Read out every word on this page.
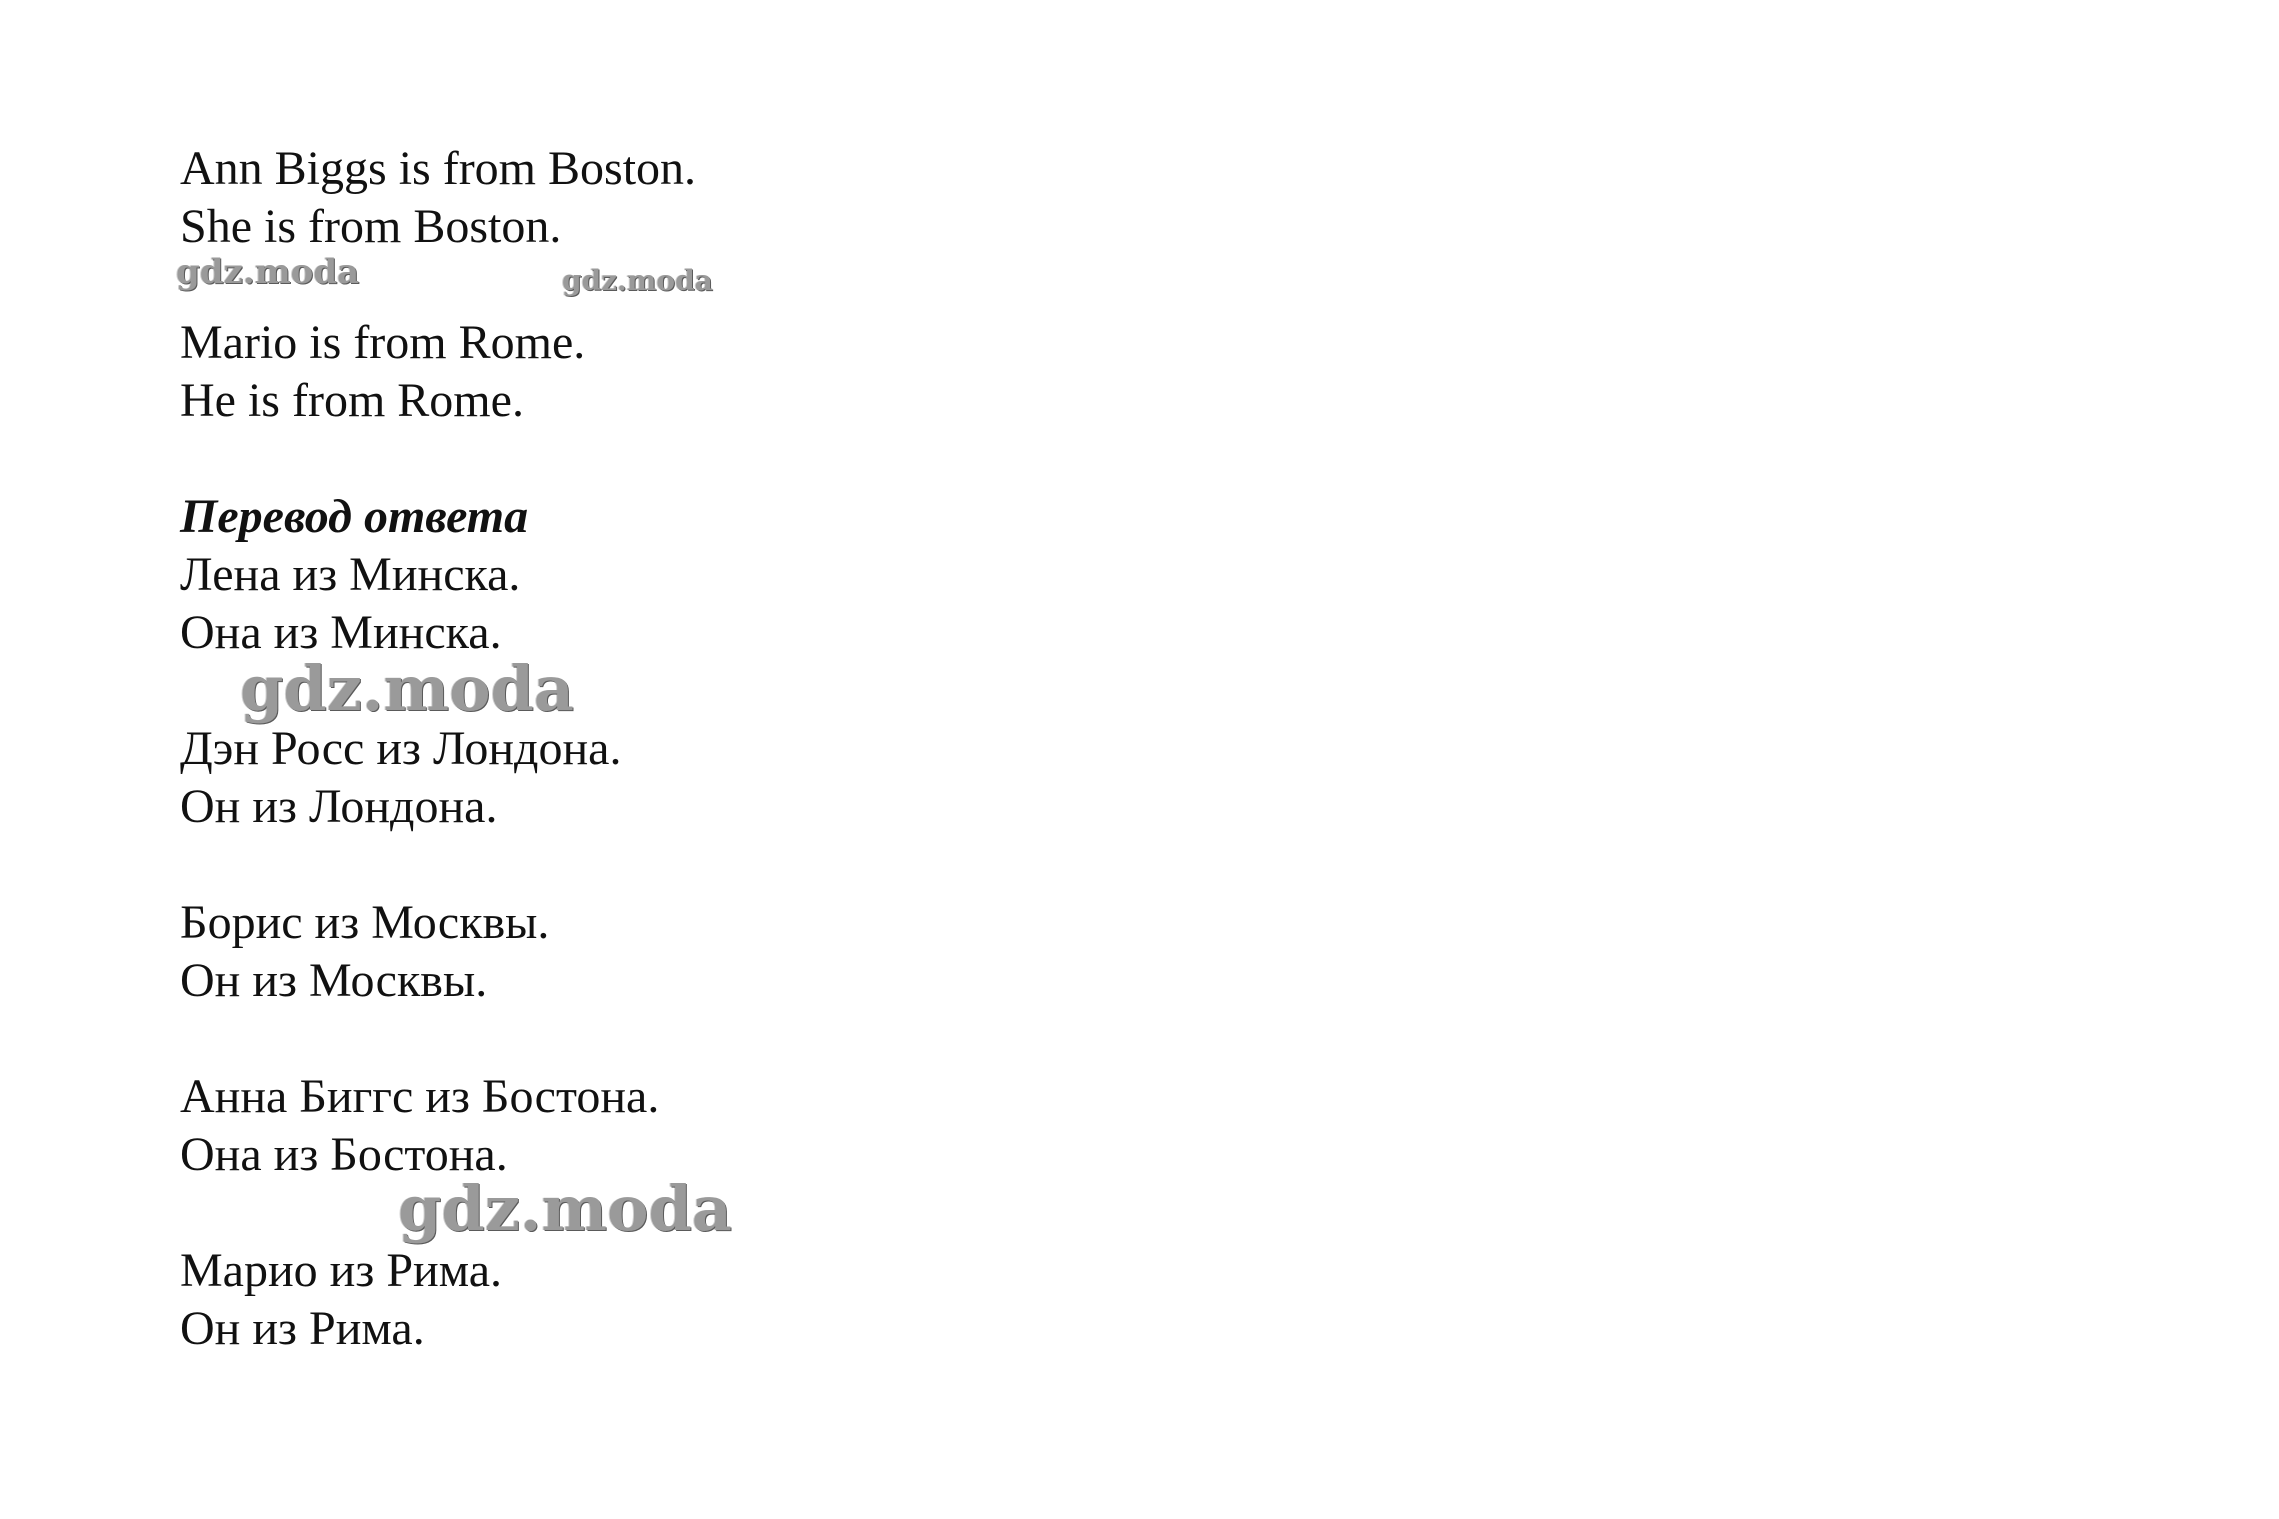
Ann Biggs is from Boston.
She is from Boston.
gdz.moda	gdz.moda
Mario is from Rome.
He is from Rome.
Перевод ответа
Лена из Минска.
Она из Минска.
gdz.moda
Дэн Росс из Лондона.
Он из Лондона.
Борис из Москвы.
Он из Москвы.
Анна Биггс из Бостона.
Она из Бостона.
gdz.moda
Марио из Рима.
Он из Рима.
